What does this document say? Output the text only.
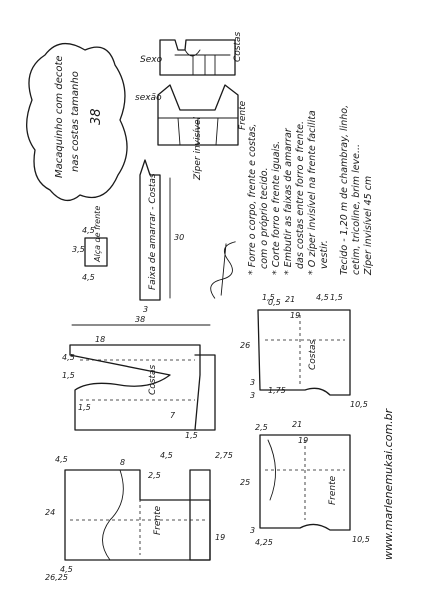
Macaquinho com decote nas costas tamanho 38
Sexo	Costas
sexão
Frente
Zíper invisível	* Forre o corpo, frente e costas, com o próprio tecido. * Corte forro e frente iguais. * Embutir as faixas de amarrar das costas entre forro e frente. * O zíper invisível na frente facilita vestir. Tecido - 1,20 m de chambray, linho, cetim, tricoline, brim leve... Zíper invisível 45 cm
Faixa de amarrar - Costas 30
3
Alça de frente
3,5
4,5
4,5
Costas
38
18
1,5
7
1,5
4,5
1,5
Frente
24
8
2,5
19
4,5	2,75
4,5
26,25
4,5
Costas
26
21
19
3
1,5	4,5 1,5
0,5
3
10,5
1,75
Frente
25
21
19
3
2,5
10,5
4,25	www.marlenemukai.com.br
